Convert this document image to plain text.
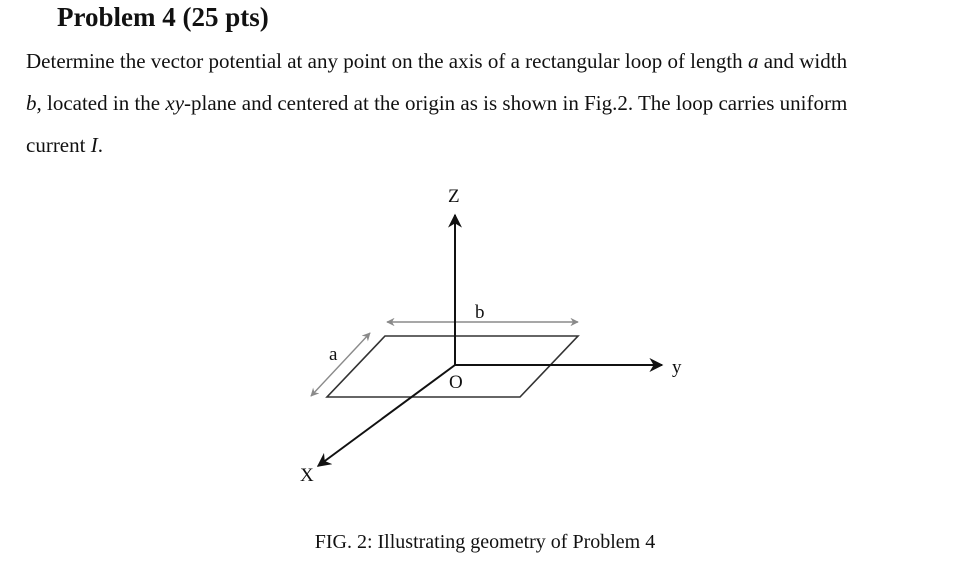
Problem 4 (25 pts)
Determine the vector potential at any point on the axis of a rectangular loop of length a and width
b, located in the xy-plane and centered at the origin as is shown in Fig.2. The loop carries uniform
current I.
Z
y
X
O
b
a
FIG. 2: Illustrating geometry of Problem 4
